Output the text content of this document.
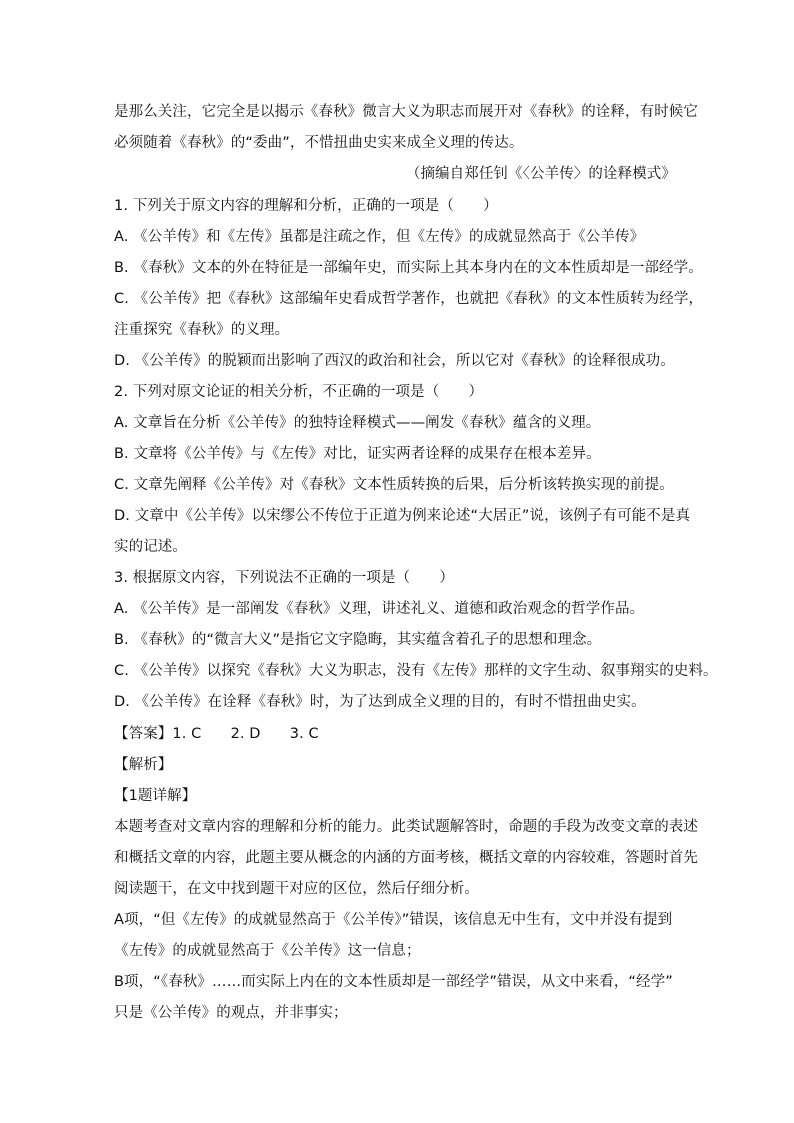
是那么关注，它完全是以揭示《春秋》微言大义为职志而展开对《春秋》的诠释，有时候它
必须随着《春秋》的“委曲”，不惜扭曲史实来成全义理的传达。
（摘编自郑任钊《〈公羊传〉的诠释模式》
1. 下列关于原文内容的理解和分析，正确的一项是（　　）
A. 《公羊传》和《左传》虽都是注疏之作，但《左传》的成就显然高于《公羊传》
B. 《春秋》文本的外在特征是一部编年史，而实际上其本身内在的文本性质却是一部经学。
C. 《公羊传》把《春秋》这部编年史看成哲学著作，也就把《春秋》的文本性质转为经学，
注重探究《春秋》的义理。
D. 《公羊传》的脱颖而出影响了西汉的政治和社会，所以它对《春秋》的诠释很成功。
2. 下列对原文论证的相关分析，不正确的一项是（　　）
A. 文章旨在分析《公羊传》的独特诠释模式——阐发《春秋》蕴含的义理。
B. 文章将《公羊传》与《左传》对比，证实两者诠释的成果存在根本差异。
C. 文章先阐释《公羊传》对《春秋》文本性质转换的后果，后分析该转换实现的前提。
D. 文章中《公羊传》以宋缪公不传位于正道为例来论述“大居正”说，该例子有可能不是真
实的记述。
3. 根据原文内容，下列说法不正确的一项是（　　）
A. 《公羊传》是一部阐发《春秋》义理，讲述礼义、道德和政治观念的哲学作品。
B. 《春秋》的“微言大义”是指它文字隐晦，其实蕴含着孔子的思想和理念。
C. 《公羊传》以探究《春秋》大义为职志，没有《左传》那样的文字生动、叙事翔实的史料。
D. 《公羊传》在诠释《春秋》时，为了达到成全义理的目的，有时不惜扭曲史实。
【答案】1. C　　2. D　　3. C
【解析】
【1题详解】
本题考查对文章内容的理解和分析的能力。此类试题解答时，命题的手段为改变文章的表述
和概括文章的内容，此题主要从概念的内涵的方面考核，概括文章的内容较难，答题时首先
阅读题干，在文中找到题干对应的区位，然后仔细分析。
A项，“但《左传》的成就显然高于《公羊传》”错误，该信息无中生有，文中并没有提到
《左传》的成就显然高于《公羊传》这一信息；
B项，“《春秋》……而实际上内在的文本性质却是一部经学”错误，从文中来看，“经学”
只是《公羊传》的观点，并非事实；
